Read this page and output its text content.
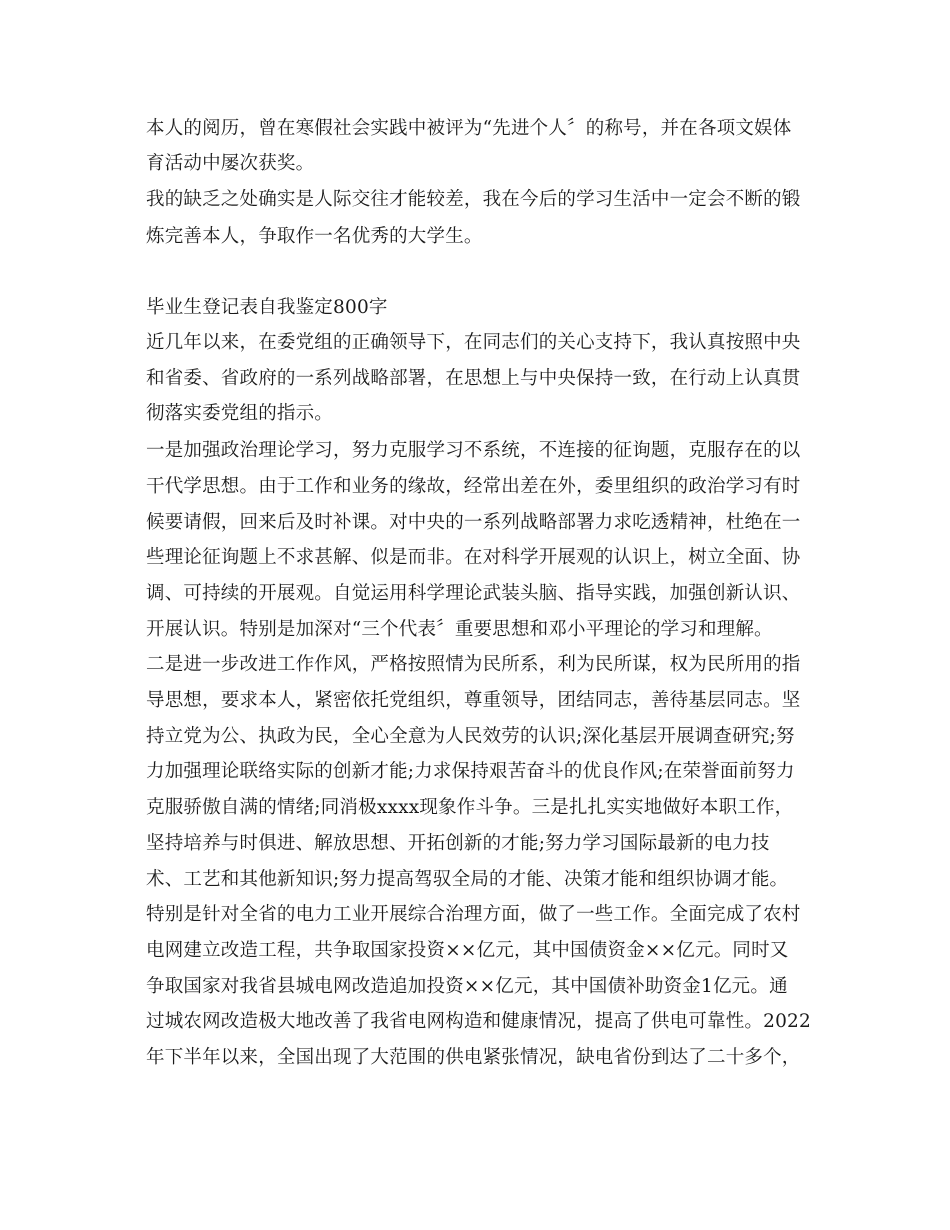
本人的阅历，曾在寒假社会实践中被评为“先进个人〞的称号，并在各项文娱体
育活动中屡次获奖。
我的缺乏之处确实是人际交往才能较差，我在今后的学习生活中一定会不断的锻
炼完善本人，争取作一名优秀的大学生。
毕业生登记表自我鉴定800字
近几年以来，在委党组的正确领导下，在同志们的关心支持下，我认真按照中央
和省委、省政府的一系列战略部署，在思想上与中央保持一致，在行动上认真贯
彻落实委党组的指示。
一是加强政治理论学习，努力克服学习不系统，不连接的征询题，克服存在的以
干代学思想。由于工作和业务的缘故，经常出差在外，委里组织的政治学习有时
候要请假，回来后及时补课。对中央的一系列战略部署力求吃透精神，杜绝在一
些理论征询题上不求甚解、似是而非。在对科学开展观的认识上，树立全面、协
调、可持续的开展观。自觉运用科学理论武装头脑、指导实践，加强创新认识、
开展认识。特别是加深对“三个代表〞重要思想和邓小平理论的学习和理解。
二是进一步改进工作作风，严格按照情为民所系，利为民所谋，权为民所用的指
导思想，要求本人，紧密依托党组织，尊重领导，团结同志，善待基层同志。坚
持立党为公、执政为民，全心全意为人民效劳的认识;深化基层开展调查研究;努
力加强理论联络实际的创新才能;力求保持艰苦奋斗的优良作风;在荣誉面前努力
克服骄傲自满的情绪;同消极xxxx现象作斗争。三是扎扎实实地做好本职工作，
坚持培养与时俱进、解放思想、开拓创新的才能;努力学习国际最新的电力技
术、工艺和其他新知识;努力提高驾驭全局的才能、决策才能和组织协调才能。
特别是针对全省的电力工业开展综合治理方面，做了一些工作。全面完成了农村
电网建立改造工程，共争取国家投资××亿元，其中国债资金××亿元。同时又
争取国家对我省县城电网改造追加投资××亿元，其中国债补助资金1亿元。通
过城农网改造极大地改善了我省电网构造和健康情况，提高了供电可靠性。2022
年下半年以来，全国出现了大范围的供电紧张情况，缺电省份到达了二十多个，
